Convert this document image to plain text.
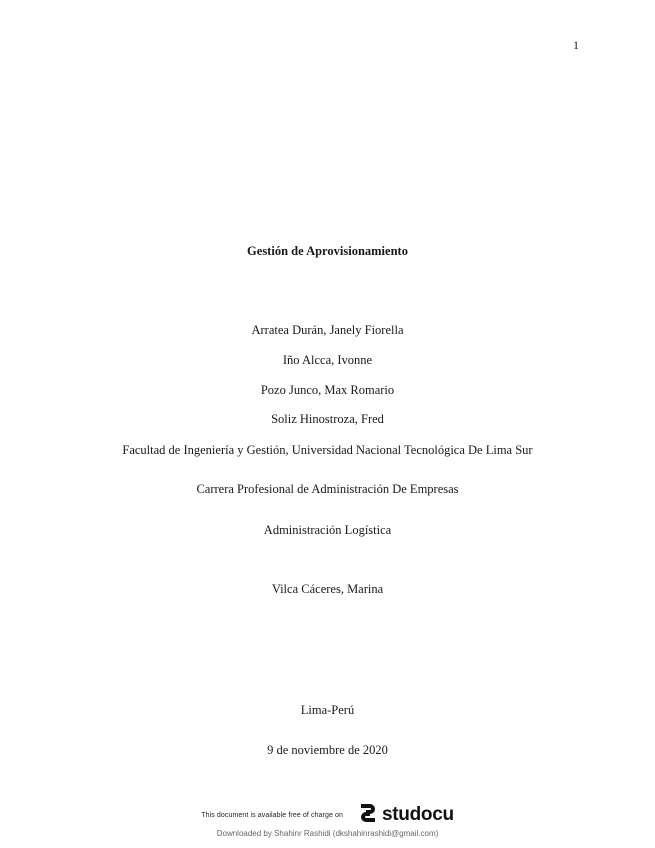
1
Gestión de Aprovisionamiento
Arratea Durán, Janely Fiorella
Iño Alcca, Ivonne
Pozo Junco, Max Romario
Soliz Hinostroza, Fred
Facultad de Ingeniería y Gestión, Universidad Nacional Tecnológica De Lima Sur
Carrera Profesional de Administración De Empresas
Administración Logística
Vilca Cáceres, Marina
Lima-Perú
9 de noviembre de 2020
This document is available free of charge on studocu
Downloaded by Shahinr Rashidi (dkshahinrashidi@gmail.com)
